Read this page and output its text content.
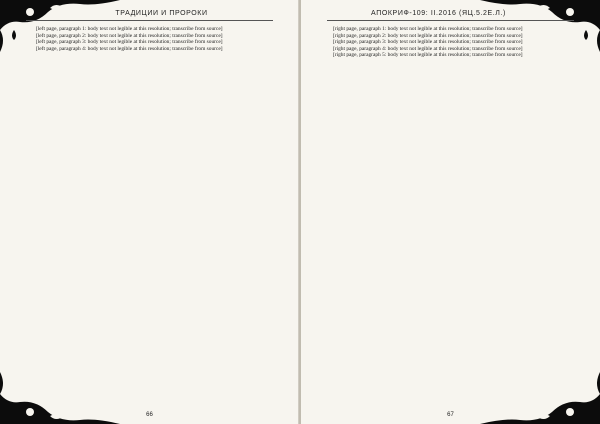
ТРАДИЦИИ И ПРОРОКИ

[left page, paragraph 1: body text not legible at this resolution; transcribe from source]

[left page, paragraph 2: body text not legible at this resolution; transcribe from source]

[left page, paragraph 3: body text not legible at this resolution; transcribe from source]

[left page, paragraph 4: body text not legible at this resolution; transcribe from source]

66
АПОКРИФ-109: II.2016 (ЯЦ.5.2Е.Л.)

[right page, paragraph 1: body text not legible at this resolution; transcribe from source]

[right page, paragraph 2: body text not legible at this resolution; transcribe from source]

[right page, paragraph 3: body text not legible at this resolution; transcribe from source]

[right page, paragraph 4: body text not legible at this resolution; transcribe from source]

[right page, paragraph 5: body text not legible at this resolution; transcribe from source]

67
